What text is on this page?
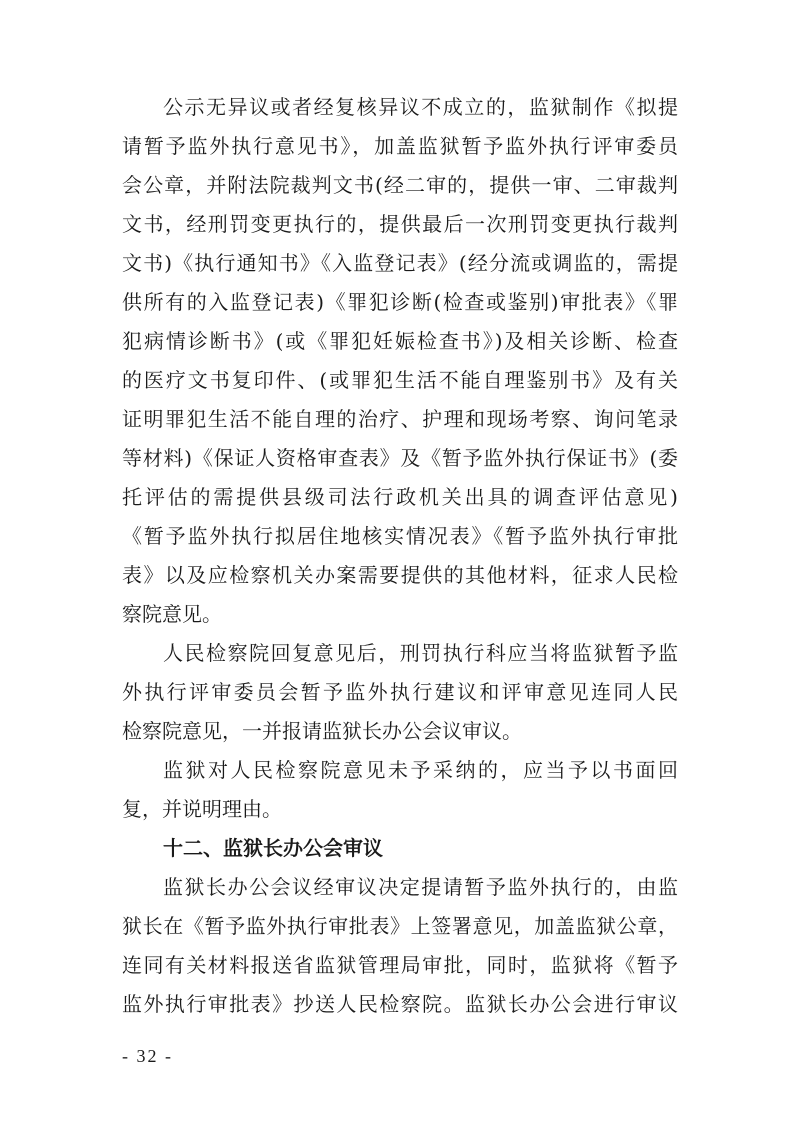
公示无异议或者经复核异议不成立的，监狱制作《拟提
请暂予监外执行意见书》，加盖监狱暂予监外执行评审委员
会公章，并附法院裁判文书(经二审的，提供一审、二审裁判
文书，经刑罚变更执行的，提供最后一次刑罚变更执行裁判
文书)《执行通知书》《入监登记表》(经分流或调监的，需提
供所有的入监登记表)《罪犯诊断(检查或鉴别)审批表》《罪
犯病情诊断书》(或《罪犯妊娠检查书》)及相关诊断、检查
的医疗文书复印件、(或罪犯生活不能自理鉴别书》及有关
证明罪犯生活不能自理的治疗、护理和现场考察、询问笔录
等材料)《保证人资格审查表》及《暂予监外执行保证书》(委
托评估的需提供县级司法行政机关出具的调查评估意见)
《暂予监外执行拟居住地核实情况表》《暂予监外执行审批
表》以及应检察机关办案需要提供的其他材料，征求人民检
察院意见。
人民检察院回复意见后，刑罚执行科应当将监狱暂予监
外执行评审委员会暂予监外执行建议和评审意见连同人民
检察院意见，一并报请监狱长办公会议审议。
监狱对人民检察院意见未予采纳的，应当予以书面回
复，并说明理由。
十二、监狱长办公会审议
监狱长办公会议经审议决定提请暂予监外执行的，由监
狱长在《暂予监外执行审批表》上签署意见，加盖监狱公章，
连同有关材料报送省监狱管理局审批，同时，监狱将《暂予
监外执行审批表》抄送人民检察院。监狱长办公会进行审议
- 32 -
